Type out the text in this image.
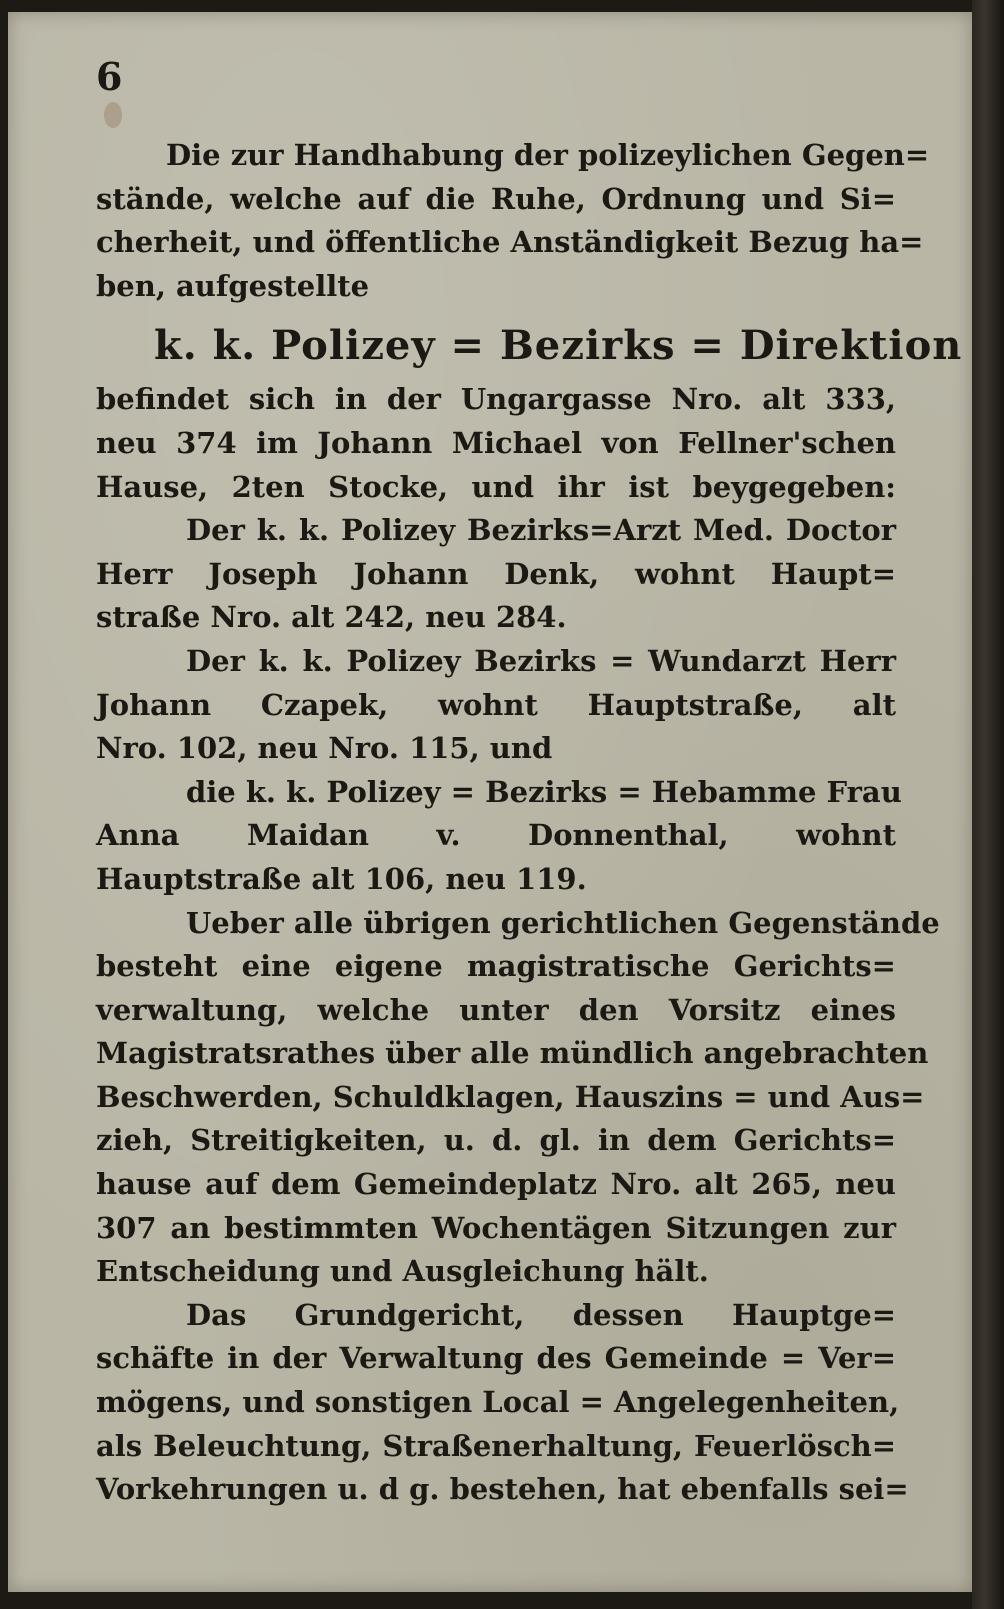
6
Die zur Handhabung der polizeylichen Gegen=
stände, welche auf die Ruhe, Ordnung und Si=
cherheit, und öffentliche Anständigkeit Bezug ha=
ben, aufgestellte
k. k. Polizey = Bezirks = Direktion
befindet sich in der Ungargasse Nro. alt 333,
neu 374 im Johann Michael von Fellner'schen
Hause, 2ten Stocke, und ihr ist beygegeben:
Der k. k. Polizey Bezirks=Arzt Med. Doctor
Herr Joseph Johann Denk, wohnt Haupt=
straße Nro. alt 242, neu 284.
Der k. k. Polizey Bezirks = Wundarzt Herr
Johann Czapek, wohnt Hauptstraße, alt
Nro. 102, neu Nro. 115, und
die k. k. Polizey = Bezirks = Hebamme Frau
Anna Maidan v. Donnenthal, wohnt
Hauptstraße alt 106, neu 119.
Ueber alle übrigen gerichtlichen Gegenstände
besteht eine eigene magistratische Gerichts=
verwaltung, welche unter den Vorsitz eines
Magistratsrathes über alle mündlich angebrachten
Beschwerden, Schuldklagen, Hauszins = und Aus=
zieh, Streitigkeiten, u. d. gl. in dem Gerichts=
hause auf dem Gemeindeplatz Nro. alt 265, neu
307 an bestimmten Wochentägen Sitzungen zur
Entscheidung und Ausgleichung hält.
Das Grundgericht, dessen Hauptge=
schäfte in der Verwaltung des Gemeinde = Ver=
mögens, und sonstigen Local = Angelegenheiten,
als Beleuchtung, Straßenerhaltung, Feuerlösch=
Vorkehrungen u. d g. bestehen, hat ebenfalls sei=
